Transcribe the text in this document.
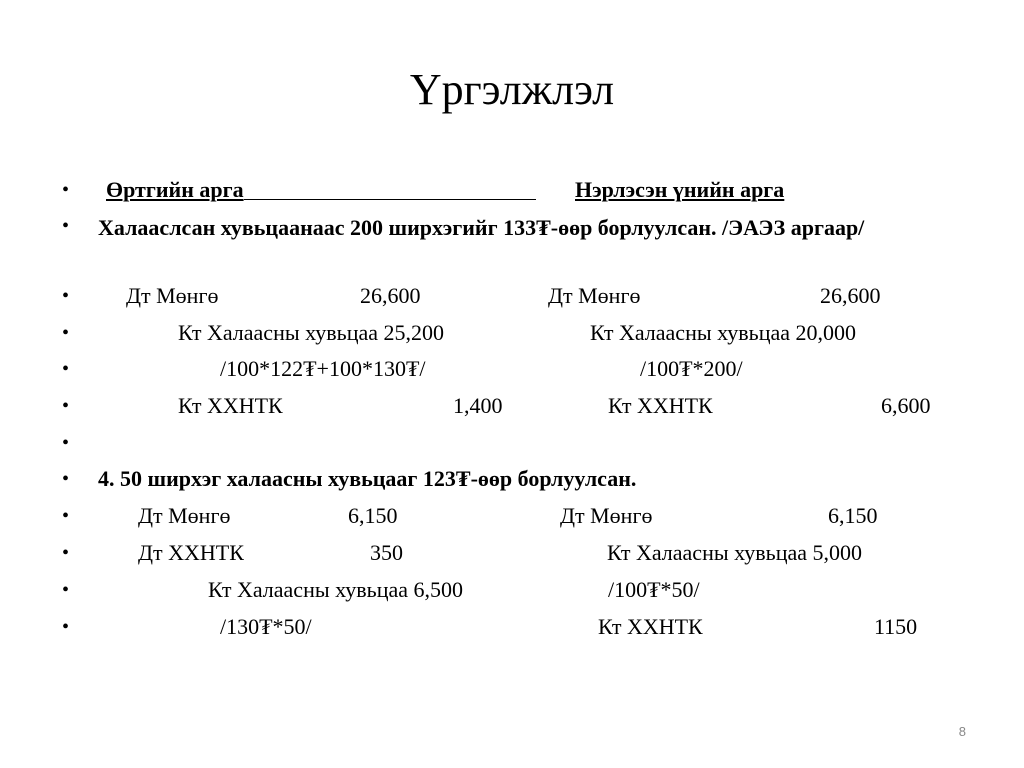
Үргэлжлэл
• Өртгийн арга	Нэрлэсэн үнийн арга
• Халааслсан хувьцаанаас 200 ширхэгийг 133₮-өөр борлуулсан. /ЭАЭЗ аргаар/
•	Дт Мөнгө	26,600	Дт Мөнгө	26,600
•	Кт Халаасны хувьцаа 25,200	Кт Халаасны хувьцаа 20,000
•	/100*122₮+100*130₮/	/100₮*200/
•	Кт ХХНТК	1,400	Кт ХХНТК	6,600
•
• 4. 50 ширхэг халаасны хувьцааг 123₮-өөр борлуулсан.
•	Дт Мөнгө	6,150	Дт Мөнгө	6,150
•	Дт ХХНТК	350	Кт Халаасны хувьцаа 5,000
•	Кт Халаасны хувьцаа 6,500	/100₮*50/
•	/130₮*50/	Кт ХХНТК	1150
8
